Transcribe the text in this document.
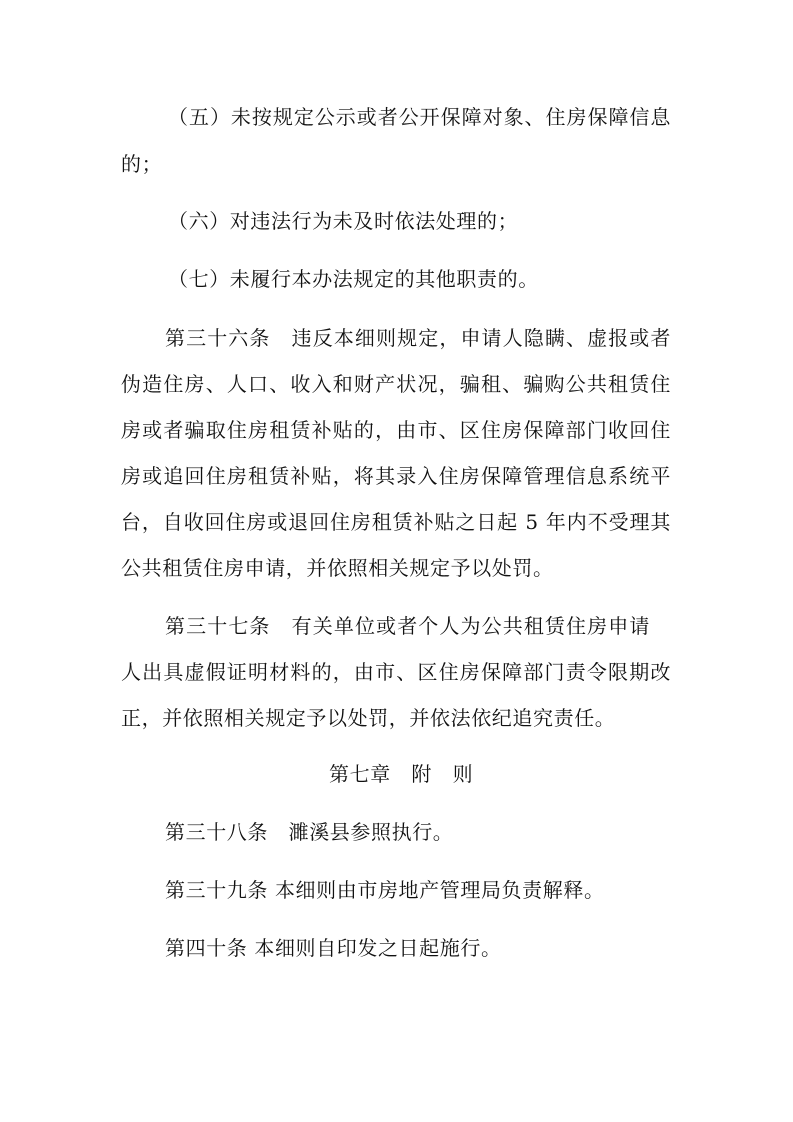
（五）未按规定公示或者公开保障对象、住房保障信息
的；
（六）对违法行为未及时依法处理的；
（七）未履行本办法规定的其他职责的。
第三十六条　违反本细则规定，申请人隐瞒、虚报或者
伪造住房、人口、收入和财产状况，骗租、骗购公共租赁住
房或者骗取住房租赁补贴的，由市、区住房保障部门收回住
房或追回住房租赁补贴，将其录入住房保障管理信息系统平
台，自收回住房或退回住房租赁补贴之日起 5 年内不受理其
公共租赁住房申请，并依照相关规定予以处罚。
第三十七条　有关单位或者个人为公共租赁住房申请
人出具虚假证明材料的，由市、区住房保障部门责令限期改
正，并依照相关规定予以处罚，并依法依纪追究责任。
第七章　附　则
第三十八条　濉溪县参照执行。
第三十九条 本细则由市房地产管理局负责解释。
第四十条 本细则自印发之日起施行。
